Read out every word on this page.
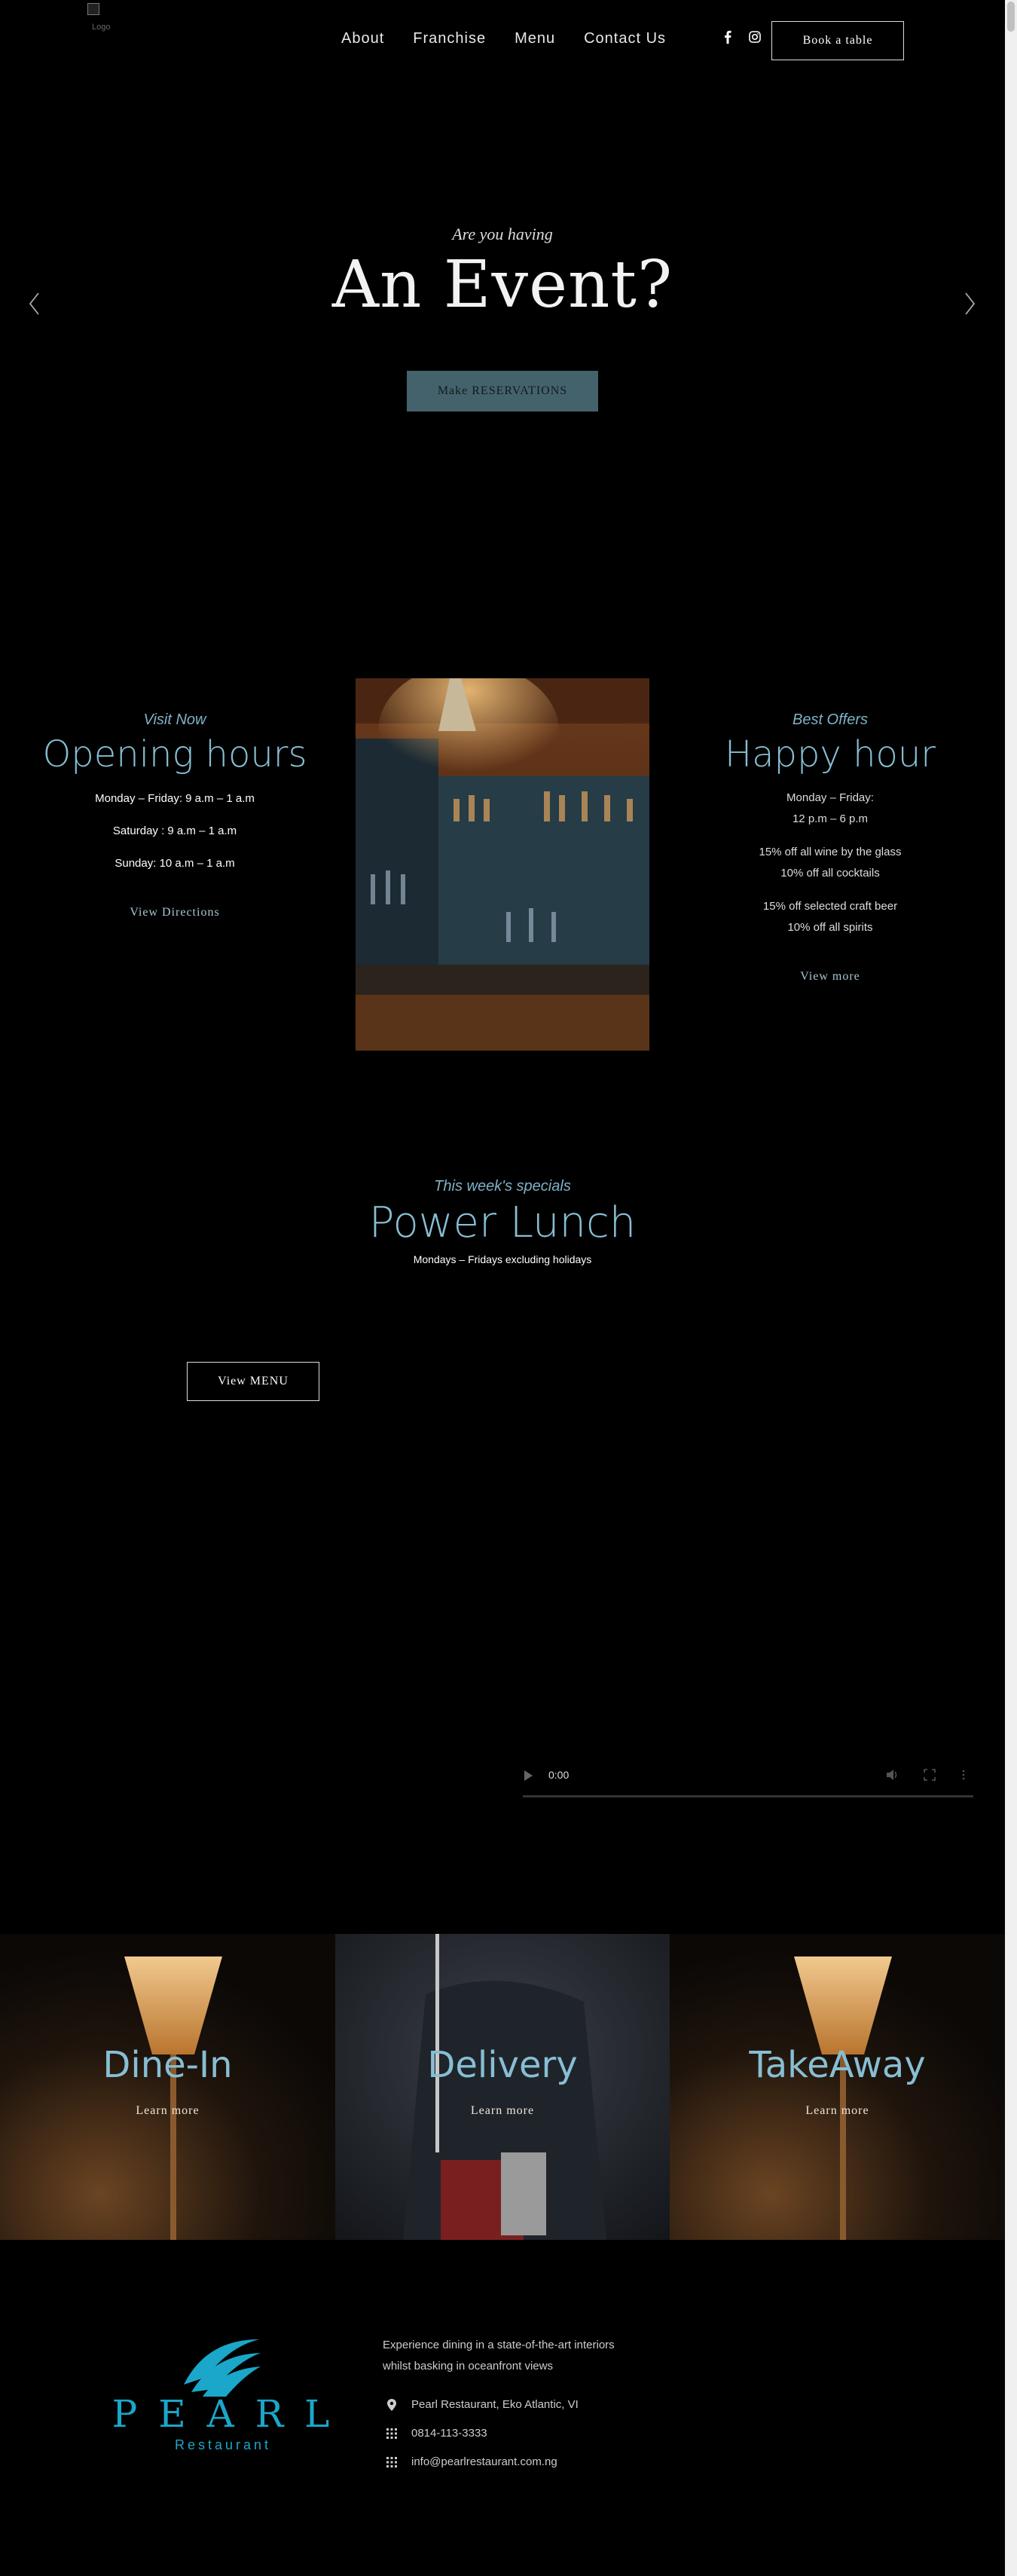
Logo
About Franchise Menu Contact Us	Book a table
Are you having
An Event?
Make RESERVATIONS
Visit Now
Opening hours
Monday – Friday: 9 a.m – 1 a.m
Saturday : 9 a.m – 1 a.m
Sunday: 10 a.m – 1 a.m
View Directions
Best Offers
Happy hour
Monday – Friday:
12 p.m – 6 p.m
15% off all wine by the glass
10% off all cocktails
15% off selected craft beer
10% off all spirits
View more
This week's specials
Power Lunch
Mondays – Fridays excluding holidays
View MENU
0:00
Dine-In
Learn more
Delivery
Learn more
TakeAway
Learn more
P E A R L
Restaurant
Experience dining in a state-of-the-art interiors whilst basking in oceanfront views
Pearl Restaurant, Eko Atlantic, VI
0814-113-3333
info@pearlrestaurant.com.ng
